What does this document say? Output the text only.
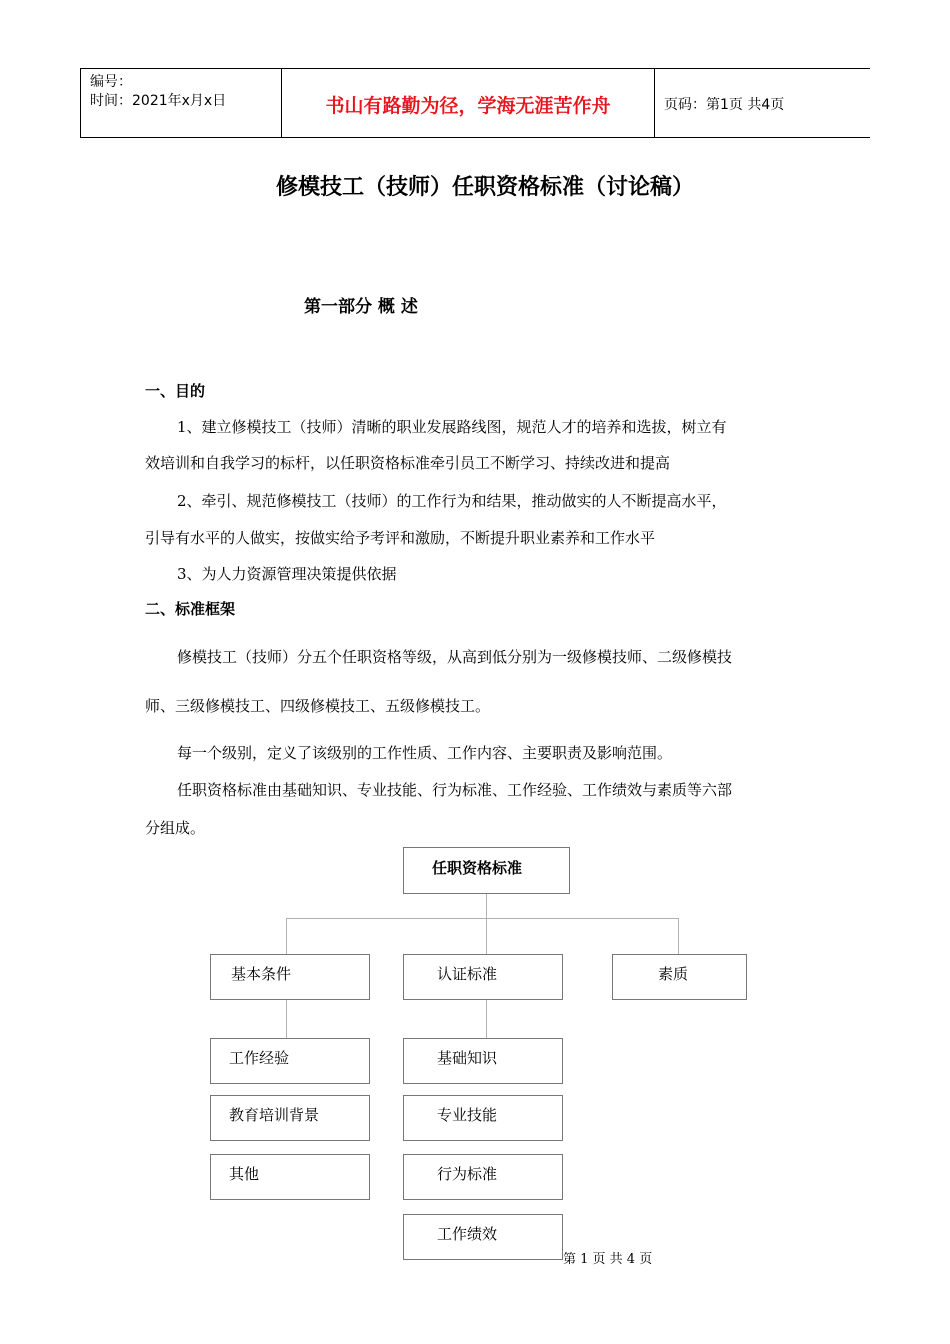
编号：
时间：2021年x月x日	书山有路勤为径，学海无涯苦作舟	页码：第1页 共4页
修模技工（技师）任职资格标准（讨论稿）
第一部分 概 述
一、目的
1、建立修模技工（技师）清晰的职业发展路线图，规范人才的培养和选拔，树立有
效培训和自我学习的标杆，以任职资格标准牵引员工不断学习、持续改进和提高
2、牵引、规范修模技工（技师）的工作行为和结果，推动做实的人不断提高水平，
引导有水平的人做实，按做实给予考评和激励，不断提升职业素养和工作水平
3、为人力资源管理决策提供依据
二、标准框架
修模技工（技师）分五个任职资格等级，从高到低分别为一级修模技师、二级修模技
师、三级修模技工、四级修模技工、五级修模技工。
每一个级别，定义了该级别的工作性质、工作内容、主要职责及影响范围。
任职资格标准由基础知识、专业技能、行为标准、工作经验、工作绩效与素质等六部
分组成。
任职资格标准
基本条件	认证标准	素质
工作经验
教育培训背景
其他
基础知识
专业技能
行为标准
工作绩效
第 1 页 共 4 页
